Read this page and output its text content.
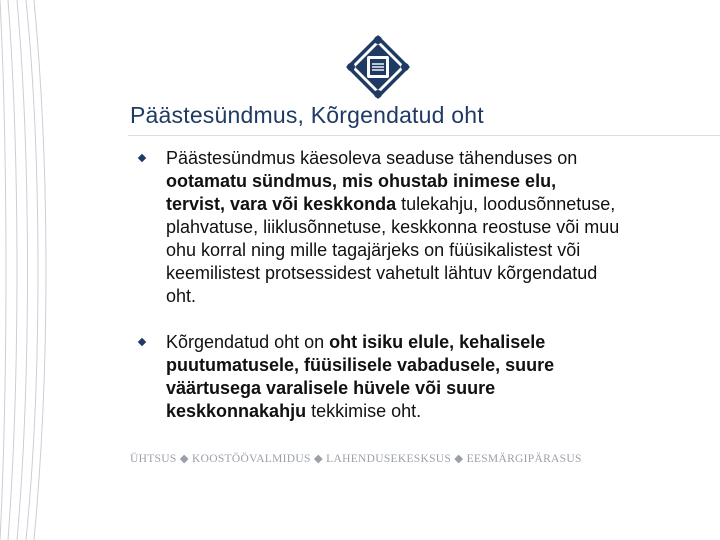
Päästesündmus, Kõrgendatud oht
Päästesündmus käesoleva seaduse tähenduses on ootamatu sündmus, mis ohustab inimese elu, tervist, vara või keskkonda tulekahju, loodusõnnetuse, plahvatuse, liiklusõnnetuse, keskkonna reostuse või muu ohu korral ning mille tagajärjeks on füüsikalistest või keemilistest protsessidest vahetult lähtuv kõrgendatud oht.
Kõrgendatud oht on oht isiku elule, kehalisele puutumatusele, füüsilisele vabadusele, suure väärtusega varalisele hüvele või suure keskkonnakahju tekkimise oht.
ÜHTSUS ◆ KOOSTÖÖVALMIDUS ◆ LAHENDUSEKESKSUS ◆ EESMÄRGIPÄRASUS
